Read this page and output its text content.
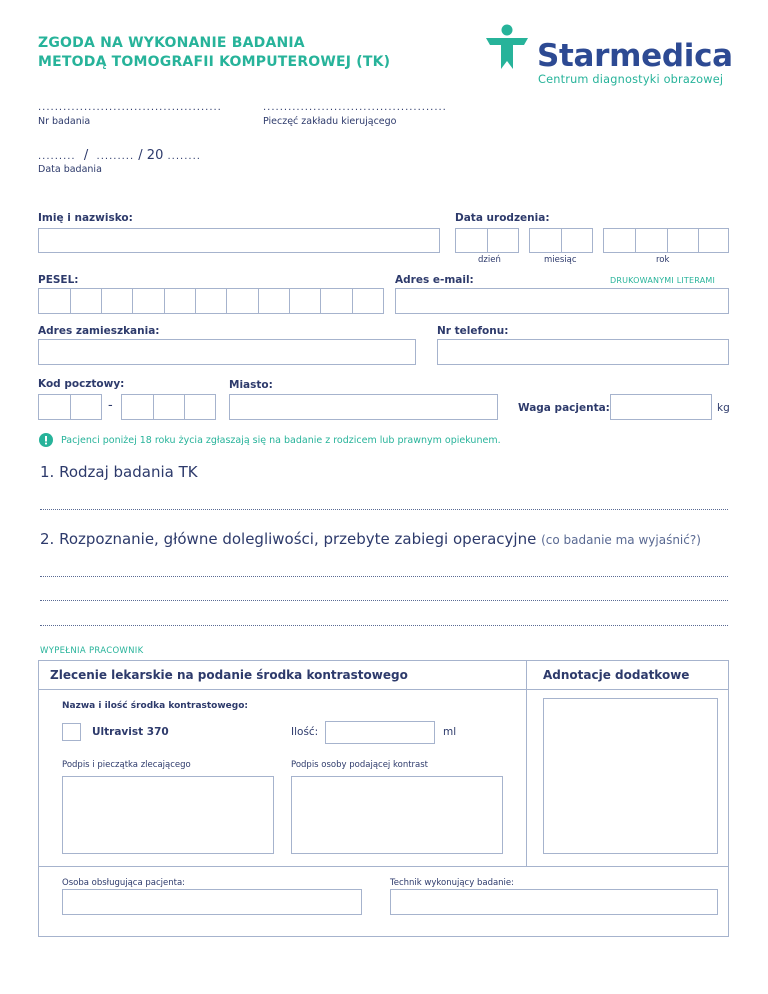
ZGODA NA WYKONANIE BADANIA
METODĄ TOMOGRAFII KOMPUTEROWEJ (TK)	Starmedica
Centrum diagnostyki obrazowej
............................................
Nr badania
............................................
Pieczęć zakładu kierującego
.........  /  ......... / 20 ........
Data badania
Imię i nazwisko:	Data urodzenia:
dzień	miesiąc	rok
PESEL:	Adres e-mail:	DRUKOWANYMI LITERAMI
Adres zamieszkania:	Nr telefonu:
Kod pocztowy:
-
Miasto:
Waga pacjenta:	kg
Pacjenci poniżej 18 roku życia zgłaszają się na badanie z rodzicem lub prawnym opiekunem.
1. Rodzaj badania TK
2. Rozpoznanie, główne dolegliwości, przebyte zabiegi operacyjne (co badanie ma wyjaśnić?)
WYPEŁNIA PRACOWNIK
Zlecenie lekarskie na podanie środka kontrastowego	Adnotacje dodatkowe
Nazwa i ilość środka kontrastowego:
Ultravist 370	Ilość:	ml
Podpis i pieczątka zlecającego	Podpis osoby podającej kontrast
Osoba obsługująca pacjenta:	Technik wykonujący badanie:
